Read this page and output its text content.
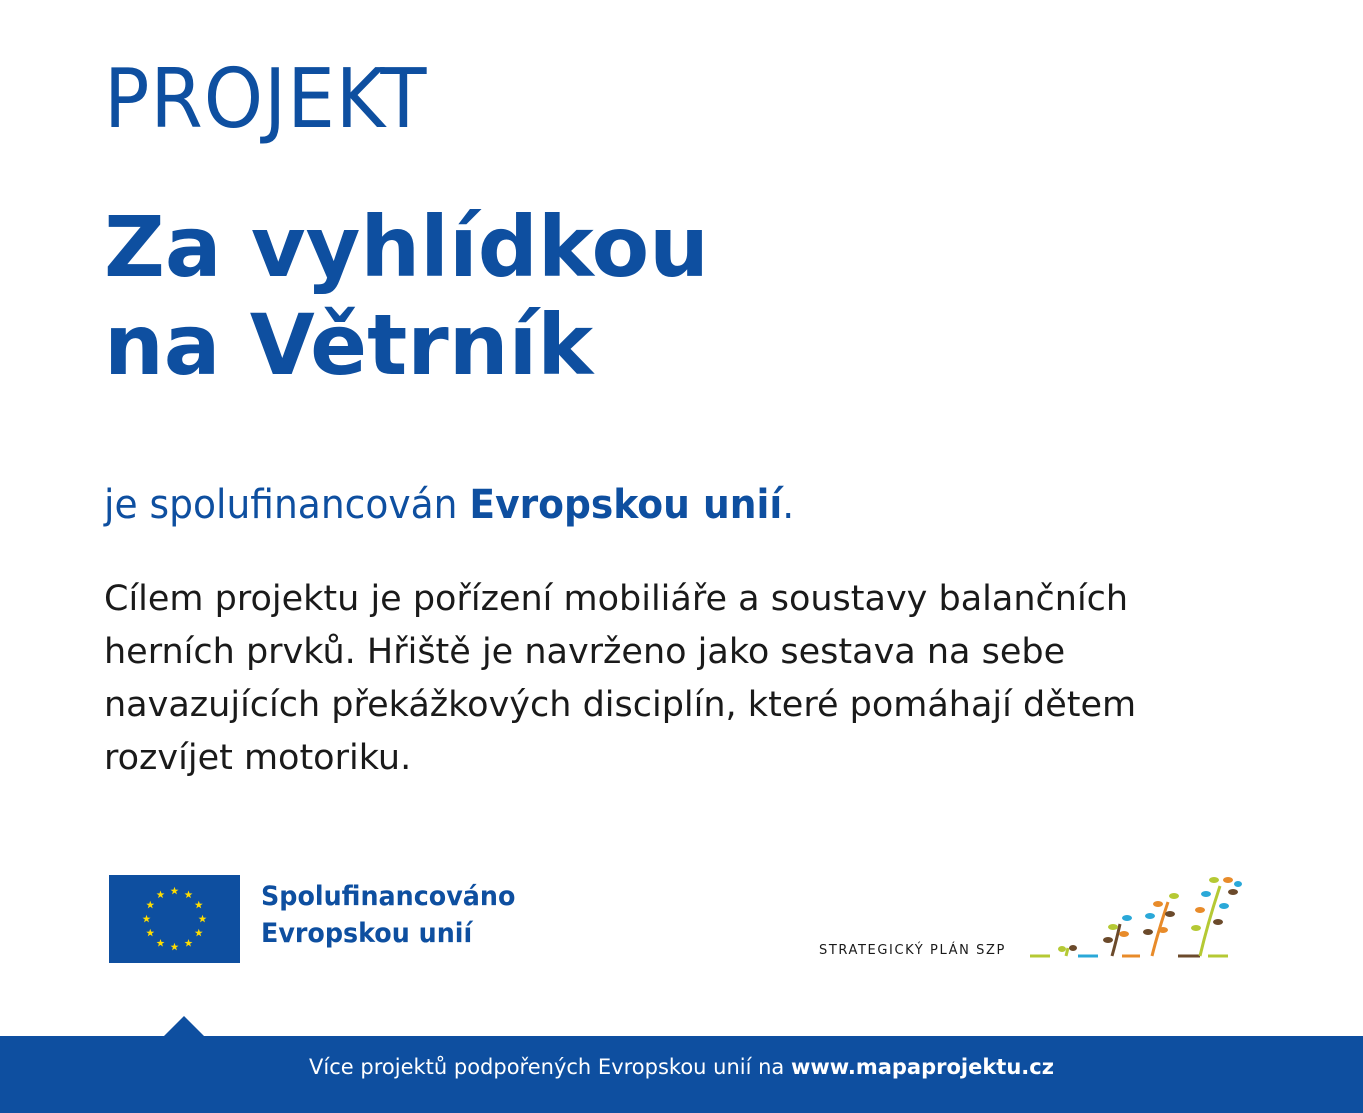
PROJEKT
Za vyhlídkou
na Větrník
je spolufinancován Evropskou unií.

Cílem projektu je pořízení mobiliáře a soustavy balančních
herních prvků. Hřiště je navrženo jako sestava na sebe
navazujících překážkových disciplín, které pomáhají dětem
rozvíjet motoriku.

Spolufinancováno
Evropskou unií
STRATEGICKÝ PLÁN SZP
Více projektů podpořených Evropskou unií na www.mapaprojektu.cz
